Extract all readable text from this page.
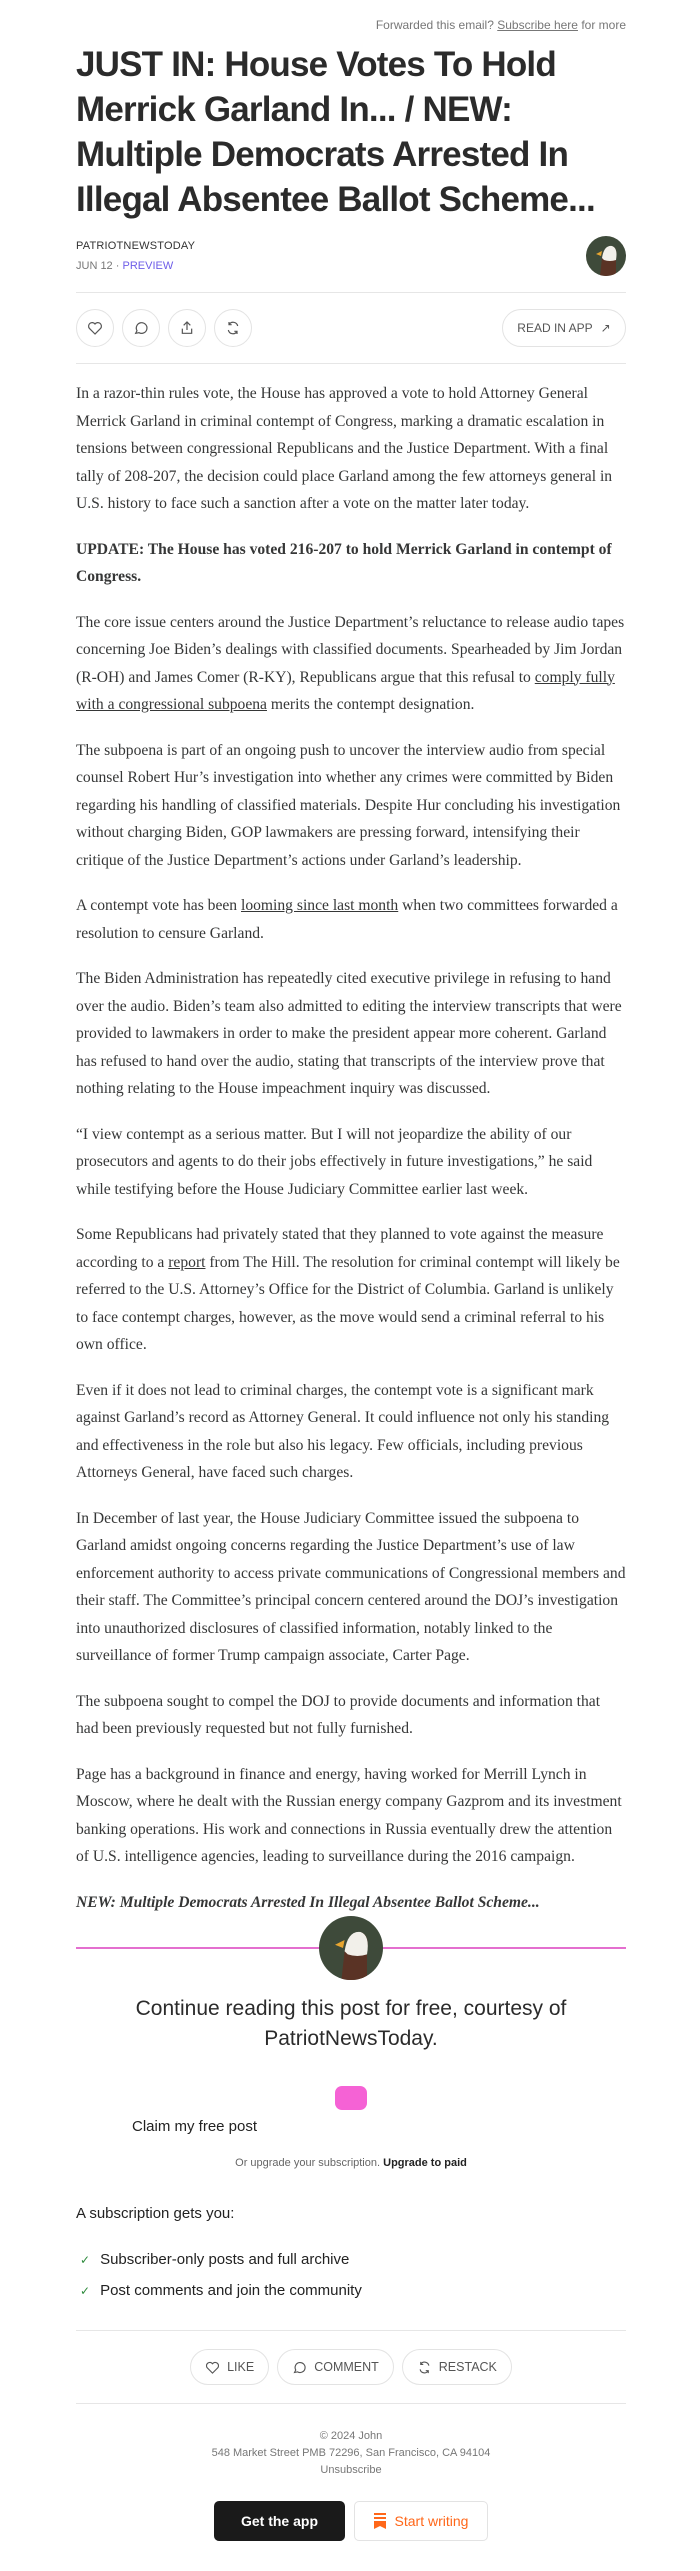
Forwarded this email? Subscribe here for more
JUST IN: House Votes To Hold Merrick Garland In... / NEW: Multiple Democrats Arrested In Illegal Absentee Ballot Scheme...
PATRIOTNEWSTODAY
JUN 12 · PREVIEW
READ IN APP ↗

In a razor-thin rules vote, the House has approved a vote to hold Attorney General Merrick Garland in criminal contempt of Congress, marking a dramatic escalation in tensions between congressional Republicans and the Justice Department. With a final tally of 208-207, the decision could place Garland among the few attorneys general in U.S. history to face such a sanction after a vote on the matter later today.

UPDATE: The House has voted 216-207 to hold Merrick Garland in contempt of Congress.

The core issue centers around the Justice Department’s reluctance to release audio tapes concerning Joe Biden’s dealings with classified documents. Spearheaded by Jim Jordan (R-OH) and James Comer (R-KY), Republicans argue that this refusal to comply fully with a congressional subpoena merits the contempt designation.

The subpoena is part of an ongoing push to uncover the interview audio from special counsel Robert Hur’s investigation into whether any crimes were committed by Biden regarding his handling of classified materials. Despite Hur concluding his investigation without charging Biden, GOP lawmakers are pressing forward, intensifying their critique of the Justice Department’s actions under Garland’s leadership.

A contempt vote has been looming since last month when two committees forwarded a resolution to censure Garland.

The Biden Administration has repeatedly cited executive privilege in refusing to hand over the audio. Biden’s team also admitted to editing the interview transcripts that were provided to lawmakers in order to make the president appear more coherent. Garland has refused to hand over the audio, stating that transcripts of the interview prove that nothing relating to the House impeachment inquiry was discussed.

“I view contempt as a serious matter. But I will not jeopardize the ability of our prosecutors and agents to do their jobs effectively in future investigations,” he said while testifying before the House Judiciary Committee earlier last week.

Some Republicans had privately stated that they planned to vote against the measure according to a report from The Hill. The resolution for criminal contempt will likely be referred to the U.S. Attorney’s Office for the District of Columbia. Garland is unlikely to face contempt charges, however, as the move would send a criminal referral to his own office.

Even if it does not lead to criminal charges, the contempt vote is a significant mark against Garland’s record as Attorney General. It could influence not only his standing and effectiveness in the role but also his legacy. Few officials, including previous Attorneys General, have faced such charges.

In December of last year, the House Judiciary Committee issued the subpoena to Garland amidst ongoing concerns regarding the Justice Department’s use of law enforcement authority to access private communications of Congressional members and their staff. The Committee’s principal concern centered around the DOJ’s investigation into unauthorized disclosures of classified information, notably linked to the surveillance of former Trump campaign associate, Carter Page.

The subpoena sought to compel the DOJ to provide documents and information that had been previously requested but not fully furnished.

Page has a background in finance and energy, having worked for Merrill Lynch in Moscow, where he dealt with the Russian energy company Gazprom and its investment banking operations. His work and connections in Russia eventually drew the attention of U.S. intelligence agencies, leading to surveillance during the 2016 campaign.

NEW: Multiple Democrats Arrested In Illegal Absentee Ballot Scheme...

Continue reading this post for free, courtesy of PatriotNewsToday.
Claim my free post
Or upgrade your subscription. Upgrade to paid
A subscription gets you:
✓ Subscriber-only posts and full archive
✓ Post comments and join the community
LIKE	COMMENT	RESTACK
© 2024 John
548 Market Street PMB 72296, San Francisco, CA 94104
Unsubscribe
Get the app	Start writing
